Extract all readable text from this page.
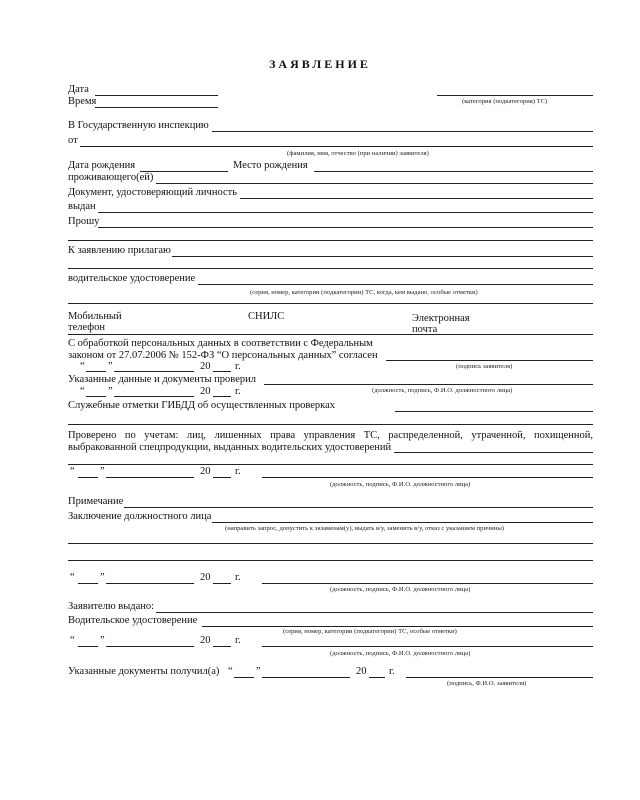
ЗАЯВЛЕНИЕ
Дата
Время	(категория (подкатегория) ТС)
В Государственную инспекцию
от
(фамилия, имя, отчество (при наличии) заявителя)
Дата рождения	Место рождения
проживающего(ей)
Документ, удостоверяющий личность
выдан
Прошу
К заявлению прилагаю
водительское удостоверение
(серия, номер, категории (подкатегории) ТС, когда, кем выдано, особые отметки)
Мобильный
телефон
СНИЛС	Электронная
почта
С обработкой персональных данных в соответствии с Федеральным
законом от 27.07.2006 № 152-ФЗ “О персональных данных” согласен
(подпись заявителя)
“ ”	20 г.
Указанные данные и документы проверил
(должность, подпись, Ф.И.О. должностного лица)
“ ”	20 г.
Служебные отметки ГИБДД об осуществленных проверках
Проверено по учетам: лиц, лишенных права управления ТС, распределенной, утраченной, похищенной, выбракованной спецпродукции, выданных водительских удостоверений
“ ”	20 г.
(должность, подпись, Ф.И.О. должностного лица)
Примечание
Заключение должностного лица
(направить запрос, допустить к экзаменам(у), выдать в/у, заменить в/у, отказ с указанием причины)
“ ”	20 г.
(должность, подпись, Ф.И.О. должностного лица)
Заявителю выдано:
Водительское удостоверение
(серия, номер, категории (подкатегории) ТС, особые отметки)
“ ”	20 г.
(должность, подпись, Ф.И.О. должностного лица)
Указанные документы получил(а) “ ”	20 г.
(подпись, Ф.И.О. заявителя)
